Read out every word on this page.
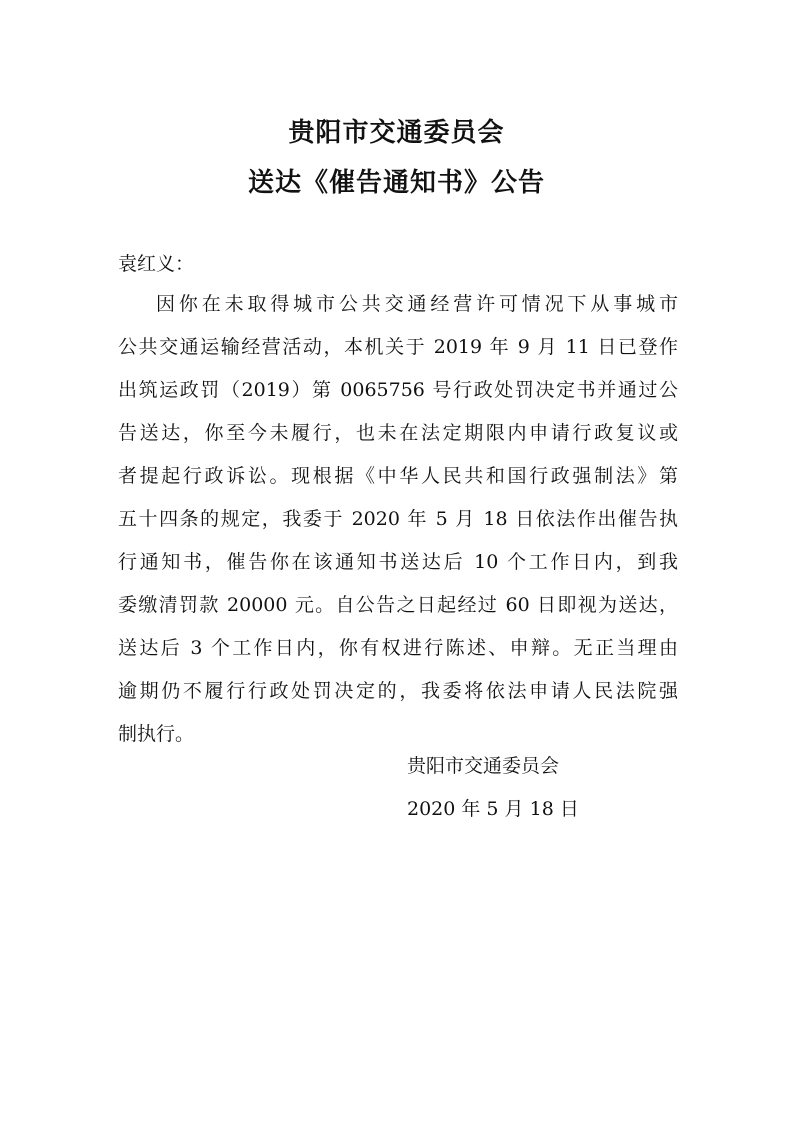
贵阳市交通委员会
送达《催告通知书》公告
袁红义：
因你在未取得城市公共交通经营许可情况下从事城市
公共交通运输经营活动，本机关于 2019 年 9 月 11 日已登作
出筑运政罚（2019）第 0065756 号行政处罚决定书并通过公
告送达，你至今未履行，也未在法定期限内申请行政复议或
者提起行政诉讼。现根据《中华人民共和国行政强制法》第
五十四条的规定，我委于 2020 年 5 月 18 日依法作出催告执
行通知书，催告你在该通知书送达后 10 个工作日内，到我
委缴清罚款 20000 元。自公告之日起经过 60 日即视为送达，
送达后 3 个工作日内，你有权进行陈述、申辩。无正当理由
逾期仍不履行行政处罚决定的，我委将依法申请人民法院强
制执行。
贵阳市交通委员会
2020 年 5 月 18 日
